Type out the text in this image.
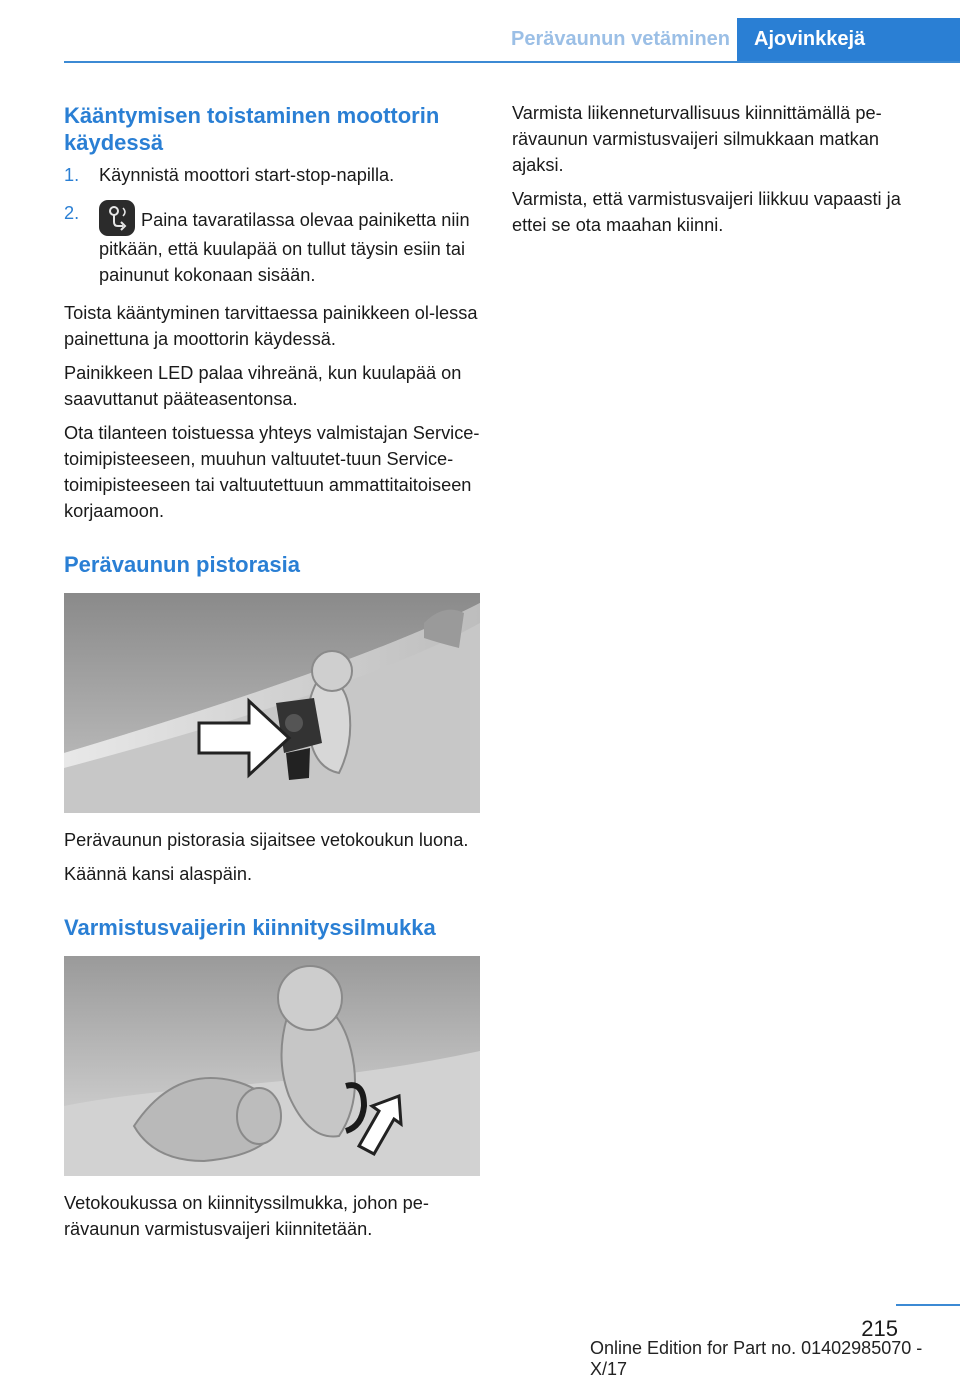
Perävaunun vetäminen	Ajovinkkejä
Kääntymisen toistaminen moottorin käydessä
1. Käynnistä moottori start-stop-napilla.
2.	Paina tavaratilassa olevaa painiketta niin pitkään, että kuulapää on tullut täysin esiin tai painunut kokonaan sisään.

Toista kääntyminen tarvittaessa painikkeen ol-lessa painettuna ja moottorin käydessä.

Painikkeen LED palaa vihreänä, kun kuulapää on saavuttanut pääteasentonsa.

Ota tilanteen toistuessa yhteys valmistajan Service-toimipisteeseen, muuhun valtuutet-tuun Service-toimipisteeseen tai valtuutettuun ammattitaitoiseen korjaamoon.

Perävaunun pistorasia

Perävaunun pistorasia sijaitsee vetokoukun luona.

Käännä kansi alaspäin.

Varmistusvaijerin kiinnityssilmukka

Vetokoukussa on kiinnityssilmukka, johon pe-rävaunun varmistusvaijeri kiinnitetään.

Varmista liikenneturvallisuus kiinnittämällä pe-rävaunun varmistusvaijeri silmukkaan matkan ajaksi.

Varmista, että varmistusvaijeri liikkuu vapaasti ja ettei se ota maahan kiinni.

215
Online Edition for Part no. 01402985070 - X/17
